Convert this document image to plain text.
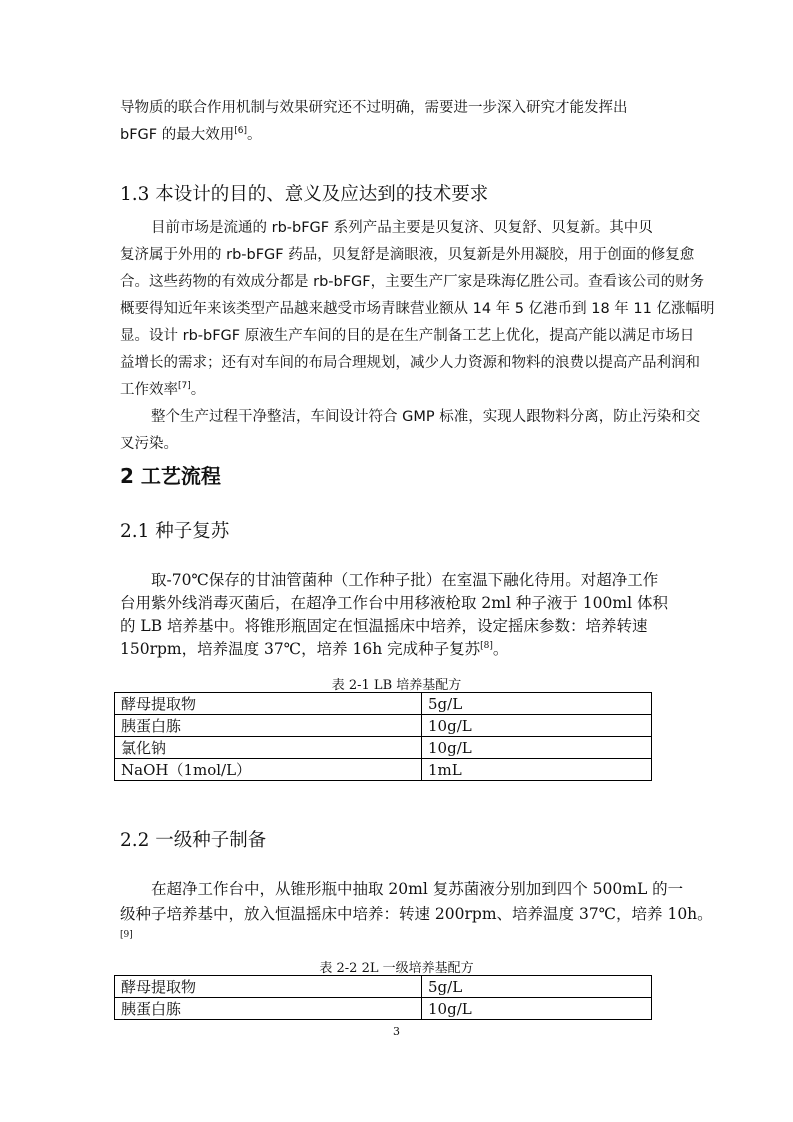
导物质的联合作用机制与效果研究还不过明确，需要进一步深入研究才能发挥出
bFGF 的最大效用[6]。
1.3 本设计的目的、意义及应达到的技术要求
目前市场是流通的 rb-bFGF 系列产品主要是贝复济、贝复舒、贝复新。其中贝
复济属于外用的 rb-bFGF 药品，贝复舒是滴眼液，贝复新是外用凝胶，用于创面的修复愈
合。这些药物的有效成分都是 rb-bFGF，主要生产厂家是珠海亿胜公司。查看该公司的财务
概要得知近年来该类型产品越来越受市场青睐营业额从 14 年 5 亿港币到 18 年 11 亿涨幅明
显。设计 rb-bFGF 原液生产车间的目的是在生产制备工艺上优化，提高产能以满足市场日
益增长的需求；还有对车间的布局合理规划，减少人力资源和物料的浪费以提高产品利润和
工作效率[7]。
整个生产过程干净整洁，车间设计符合 GMP 标准，实现人跟物料分离，防止污染和交
叉污染。
2 工艺流程
2.1 种子复苏
取-70℃保存的甘油管菌种（工作种子批）在室温下融化待用。对超净工作
台用紫外线消毒灭菌后，在超净工作台中用移液枪取 2ml 种子液于 100ml 体积
的 LB 培养基中。将锥形瓶固定在恒温摇床中培养，设定摇床参数：培养转速
150rpm，培养温度 37℃，培养 16h 完成种子复苏[8]。
表 2-1 LB 培养基配方
酵母提取物	5g/L
胰蛋白胨	10g/L
氯化钠	10g/L
NaOH（1mol/L）	1mL
2.2 一级种子制备
在超净工作台中，从锥形瓶中抽取 20ml 复苏菌液分别加到四个 500mL 的一
级种子培养基中，放入恒温摇床中培养：转速 200rpm、培养温度 37℃，培养 10h。
[9]
表 2-2 2L 一级培养基配方
酵母提取物	5g/L
胰蛋白胨	10g/L
3
